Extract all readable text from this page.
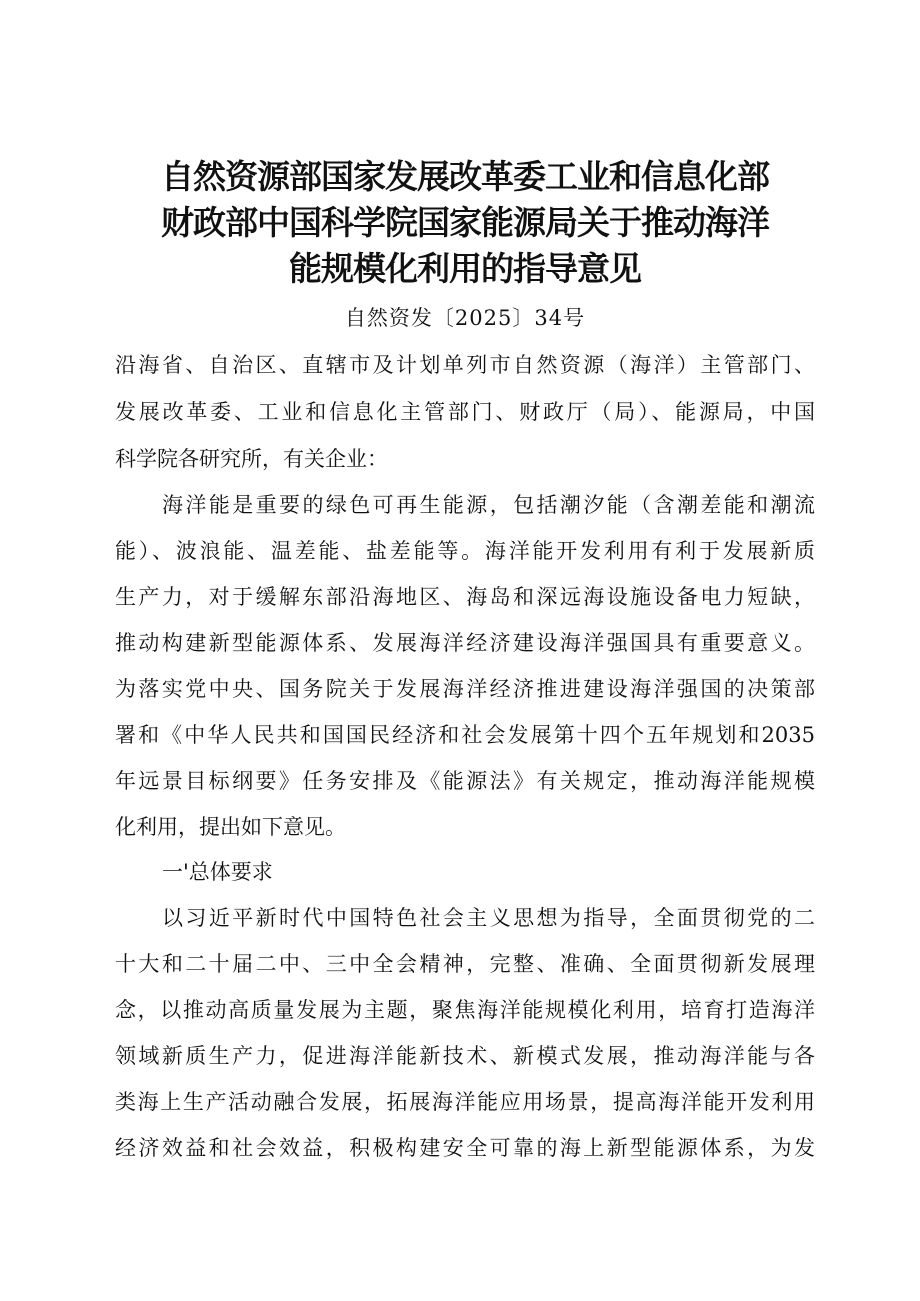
自然资源部国家发展改革委工业和信息化部
财政部中国科学院国家能源局关于推动海洋
能规模化利用的指导意见
自然资发〔2025〕34号
沿海省、自治区、直辖市及计划单列市自然资源（海洋）主管部门、
发展改革委、工业和信息化主管部门、财政厅（局）、能源局，中国
科学院各研究所，有关企业：
海洋能是重要的绿色可再生能源，包括潮汐能（含潮差能和潮流
能）、波浪能、温差能、盐差能等。海洋能开发利用有利于发展新质
生产力，对于缓解东部沿海地区、海岛和深远海设施设备电力短缺，
推动构建新型能源体系、发展海洋经济建设海洋强国具有重要意义。
为落实党中央、国务院关于发展海洋经济推进建设海洋强国的决策部
署和《中华人民共和国国民经济和社会发展第十四个五年规划和2035
年远景目标纲要》任务安排及《能源法》有关规定，推动海洋能规模
化利用，提出如下意见。
一'总体要求
以习近平新时代中国特色社会主义思想为指导，全面贯彻党的二
十大和二十届二中、三中全会精神，完整、准确、全面贯彻新发展理
念，以推动高质量发展为主题，聚焦海洋能规模化利用，培育打造海洋
领域新质生产力，促进海洋能新技术、新模式发展，推动海洋能与各
类海上生产活动融合发展，拓展海洋能应用场景，提高海洋能开发利用
经济效益和社会效益，积极构建安全可靠的海上新型能源体系，为发
